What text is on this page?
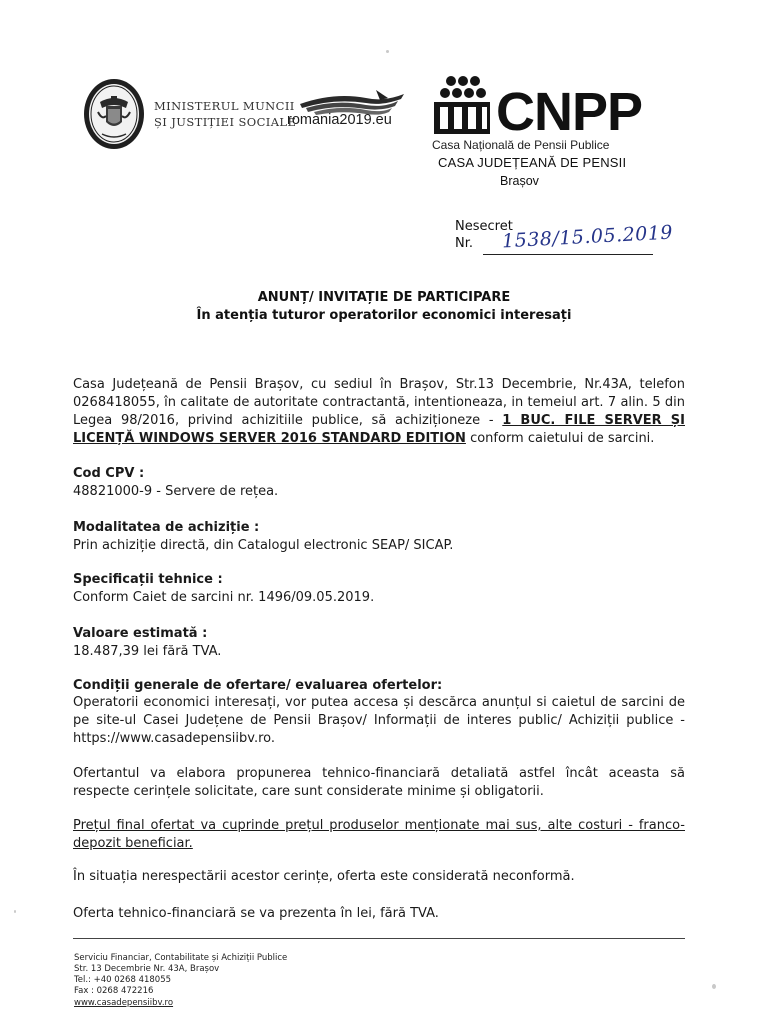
MINISTERUL MUNCII
ȘI JUSTIȚIEI SOCIALE
romania2019.eu CNPP
Casa Națională de Pensii Publice
CASA JUDEȚEANĂ DE PENSII
Brașov
Nesecret
Nr. 1538/15.05.2019
ANUNȚ/ INVITAȚIE DE PARTICIPARE
În atenția tuturor operatorilor economici interesați
Casa Județeană de Pensii Brașov, cu sediul în Brașov, Str.13 Decembrie, Nr.43A, telefon 0268418055, în calitate de autoritate contractantă, intentioneaza, in temeiul art. 7 alin. 5 din Legea 98/2016, privind achizitiile publice, să achiziționeze - 1 BUC. FILE SERVER ȘI LICENȚĂ WINDOWS SERVER 2016 STANDARD EDITION conform caietului de sarcini.
Cod CPV :
48821000-9 - Servere de rețea.
Modalitatea de achiziție :
Prin achiziție directă, din Catalogul electronic SEAP/ SICAP.
Specificații tehnice :
Conform Caiet de sarcini nr. 1496/09.05.2019.
Valoare estimată :
18.487,39 lei fără TVA.
Condiții generale de ofertare/ evaluarea ofertelor:
Operatorii economici interesați, vor putea accesa și descărca anunțul si caietul de sarcini de pe site-ul Casei Județene de Pensii Brașov/ Informații de interes public/ Achiziții publice - https://www.casadepensiibv.ro.
Ofertantul va elabora propunerea tehnico-financiară detaliată astfel încât aceasta să respecte cerințele solicitate, care sunt considerate minime și obligatorii.
Prețul final ofertat va cuprinde prețul produselor menționate mai sus, alte costuri - franco-depozit beneficiar.
În situația nerespectării acestor cerințe, oferta este considerată neconformă.
Oferta tehnico-financiară se va prezenta în lei, fără TVA.
Serviciu Financiar, Contabilitate și Achiziții Publice
Str. 13 Decembrie Nr. 43A, Brașov
Tel.: +40 0268 418055
Fax : 0268 472216
www.casadepensiibv.ro
